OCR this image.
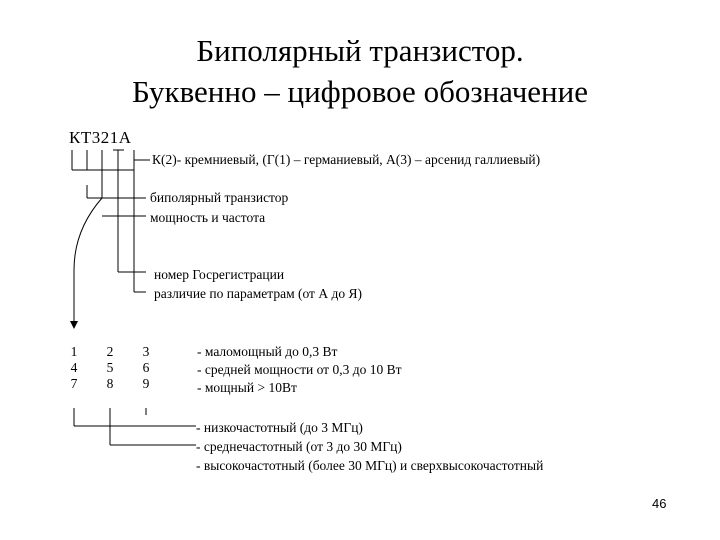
Биполярный транзистор.
Буквенно – цифровое обозначение
КТ321А
К(2)- кремниевый, (Г(1) – германиевый, А(3) – арсенид галлиевый)
биполярный транзистор
мощность и частота
номер Госрегистрации
различие по параметрам (от А до Я)
1
4
7
2
5
8
3
6
9
- маломощный до 0,3 Вт
- средней мощности от 0,3 до 10 Вт
- мощный > 10Вт
- низкочастотный (до 3 МГц)
- среднечастотный (от 3 до 30 МГц)
- высокочастотный (более 30 МГц) и сверхвысокочастотный
46
